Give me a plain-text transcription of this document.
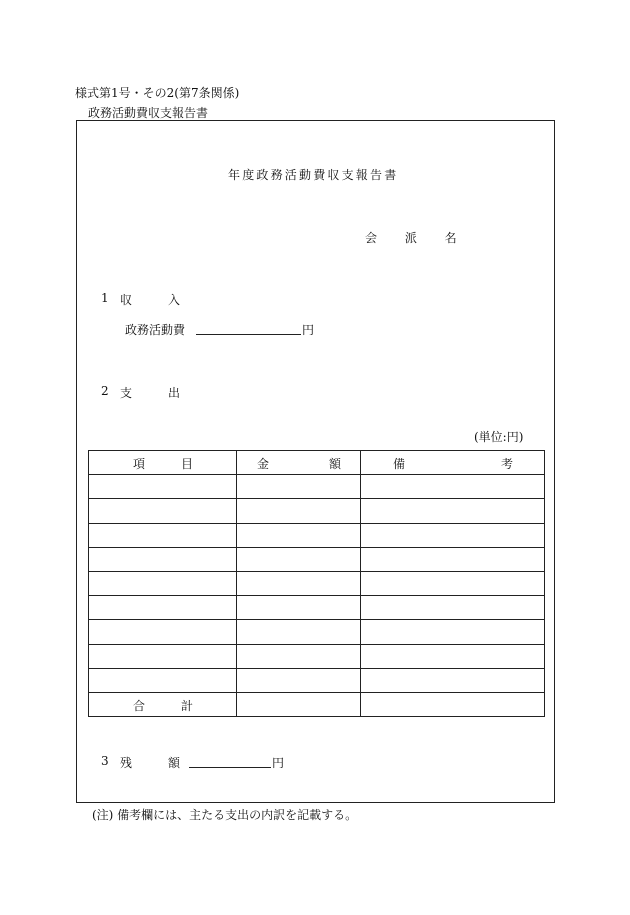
様式第1号・その2(第7条関係)
政務活動費収支報告書
年度政務活動費収支報告書
会 派 名
1 収	入
政務活動費	円
2 支	出
(単位:円)
項 目	金 額	備 考

合 計		

3 残	額	円
(注) 備考欄には、主たる支出の内訳を記載する。
